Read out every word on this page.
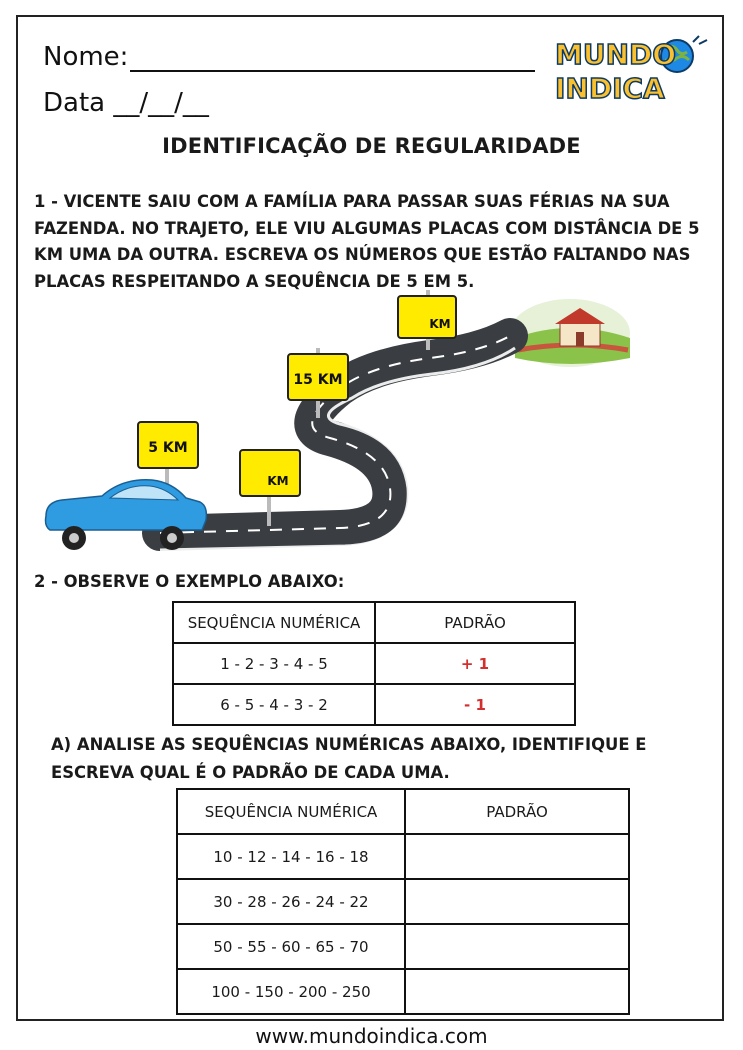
Nome:
Data __/__/__
MUNDO
INDICA
IDENTIFICAÇÃO DE REGULARIDADE
1 - VICENTE SAIU COM A FAMÍLIA PARA PASSAR SUAS FÉRIAS NA SUA FAZENDA. NO TRAJETO, ELE VIU ALGUMAS PLACAS COM DISTÂNCIA DE 5 KM UMA DA OUTRA. ESCREVA OS NÚMEROS QUE ESTÃO FALTANDO NAS PLACAS RESPEITANDO A SEQUÊNCIA DE 5 EM 5.
5 KM
KM
15 KM
KM
2 - OBSERVE O EXEMPLO ABAIXO:
SEQUÊNCIA NUMÉRICA	PADRÃO
1 - 2 - 3 - 4 - 5	+ 1
6 - 5 - 4 - 3 - 2	- 1
A) ANALISE AS SEQUÊNCIAS NUMÉRICAS ABAIXO, IDENTIFIQUE E ESCREVA QUAL É O PADRÃO DE CADA UMA.
SEQUÊNCIA NUMÉRICA	PADRÃO
10 - 12 - 14 - 16 - 18	
30 - 28 - 26 - 24 - 22	
50 - 55 - 60 - 65 - 70	
100 - 150 - 200 - 250	
www.mundoindica.com
